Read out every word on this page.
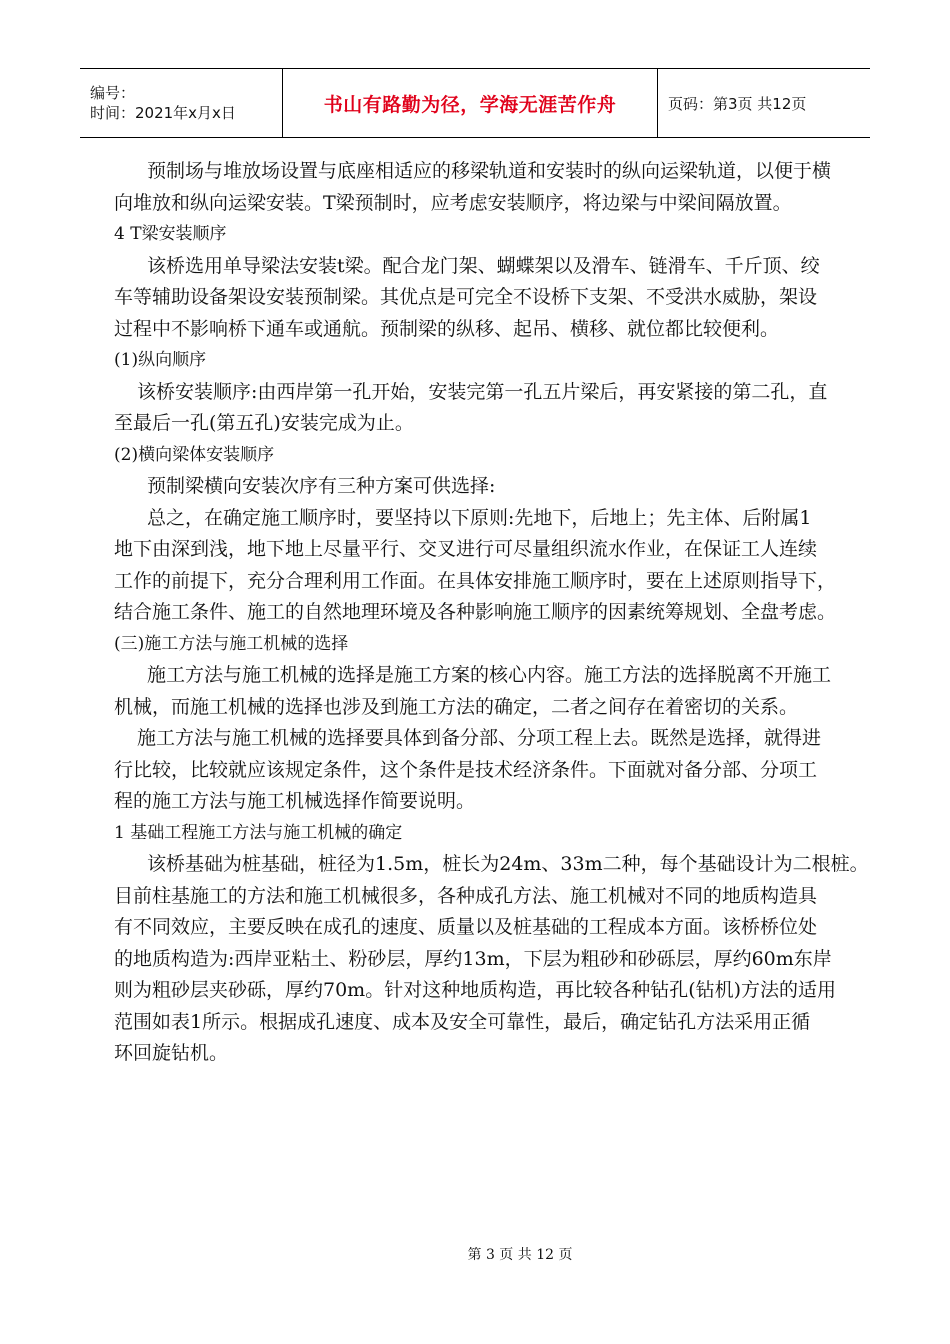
编号：
时间：2021年x月x日	书山有路勤为径，学海无涯苦作舟	页码：第3页 共12页

预制场与堆放场设置与底座相适应的移梁轨道和安装时的纵向运梁轨道，以便于横

向堆放和纵向运梁安装。T梁预制时，应考虑安装顺序，将边梁与中梁间隔放置。

4 T梁安装顺序

该桥选用单导梁法安装t梁。配合龙门架、蝴蝶架以及滑车、链滑车、千斤顶、绞

车等辅助设备架设安装预制梁。其优点是可完全不设桥下支架、不受洪水威胁，架设

过程中不影响桥下通车或通航。预制梁的纵移、起吊、横移、就位都比较便利。

(1)纵向顺序

该桥安装顺序:由西岸第一孔开始，安装完第一孔五片梁后，再安紧接的第二孔，直

至最后一孔(第五孔)安装完成为止。

(2)横向梁体安装顺序

预制梁横向安装次序有三种方案可供选择:

总之，在确定施工顺序时，要坚持以下原则:先地下，后地上；先主体、后附属1

地下由深到浅，地下地上尽量平行、交叉进行可尽量组织流水作业，在保证工人连续

工作的前提下，充分合理利用工作面。在具体安排施工顺序时，要在上述原则指导下，

结合施工条件、施工的自然地理环境及各种影响施工顺序的因素统筹规划、全盘考虑。

(三)施工方法与施工机械的选择

施工方法与施工机械的选择是施工方案的核心内容。施工方法的选择脱离不开施工

机械，而施工机械的选择也涉及到施工方法的确定，二者之间存在着密切的关系。

施工方法与施工机械的选择要具体到备分部、分项工程上去。既然是选择，就得进

行比较，比较就应该规定条件，这个条件是技术经济条件。下面就对备分部、分项工

程的施工方法与施工机械选择作简要说明。

1 基础工程施工方法与施工机械的确定

该桥基础为桩基础，桩径为1.5m，桩长为24m、33m二种，每个基础设计为二根桩。

目前柱基施工的方法和施工机械很多，各种成孔方法、施工机械对不同的地质构造具

有不同效应，主要反映在成孔的速度、质量以及桩基础的工程成本方面。该桥桥位处

的地质构造为:西岸亚粘土、粉砂层，厚约13m，下层为粗砂和砂砾层，厚约60m东岸

则为粗砂层夹砂砾，厚约70m。针对这种地质构造，再比较各种钻孔(钻机)方法的适用

范围如表1所示。根据成孔速度、成本及安全可靠性，最后，确定钻孔方法采用正循

环回旋钻机。

第 3 页 共 12 页
